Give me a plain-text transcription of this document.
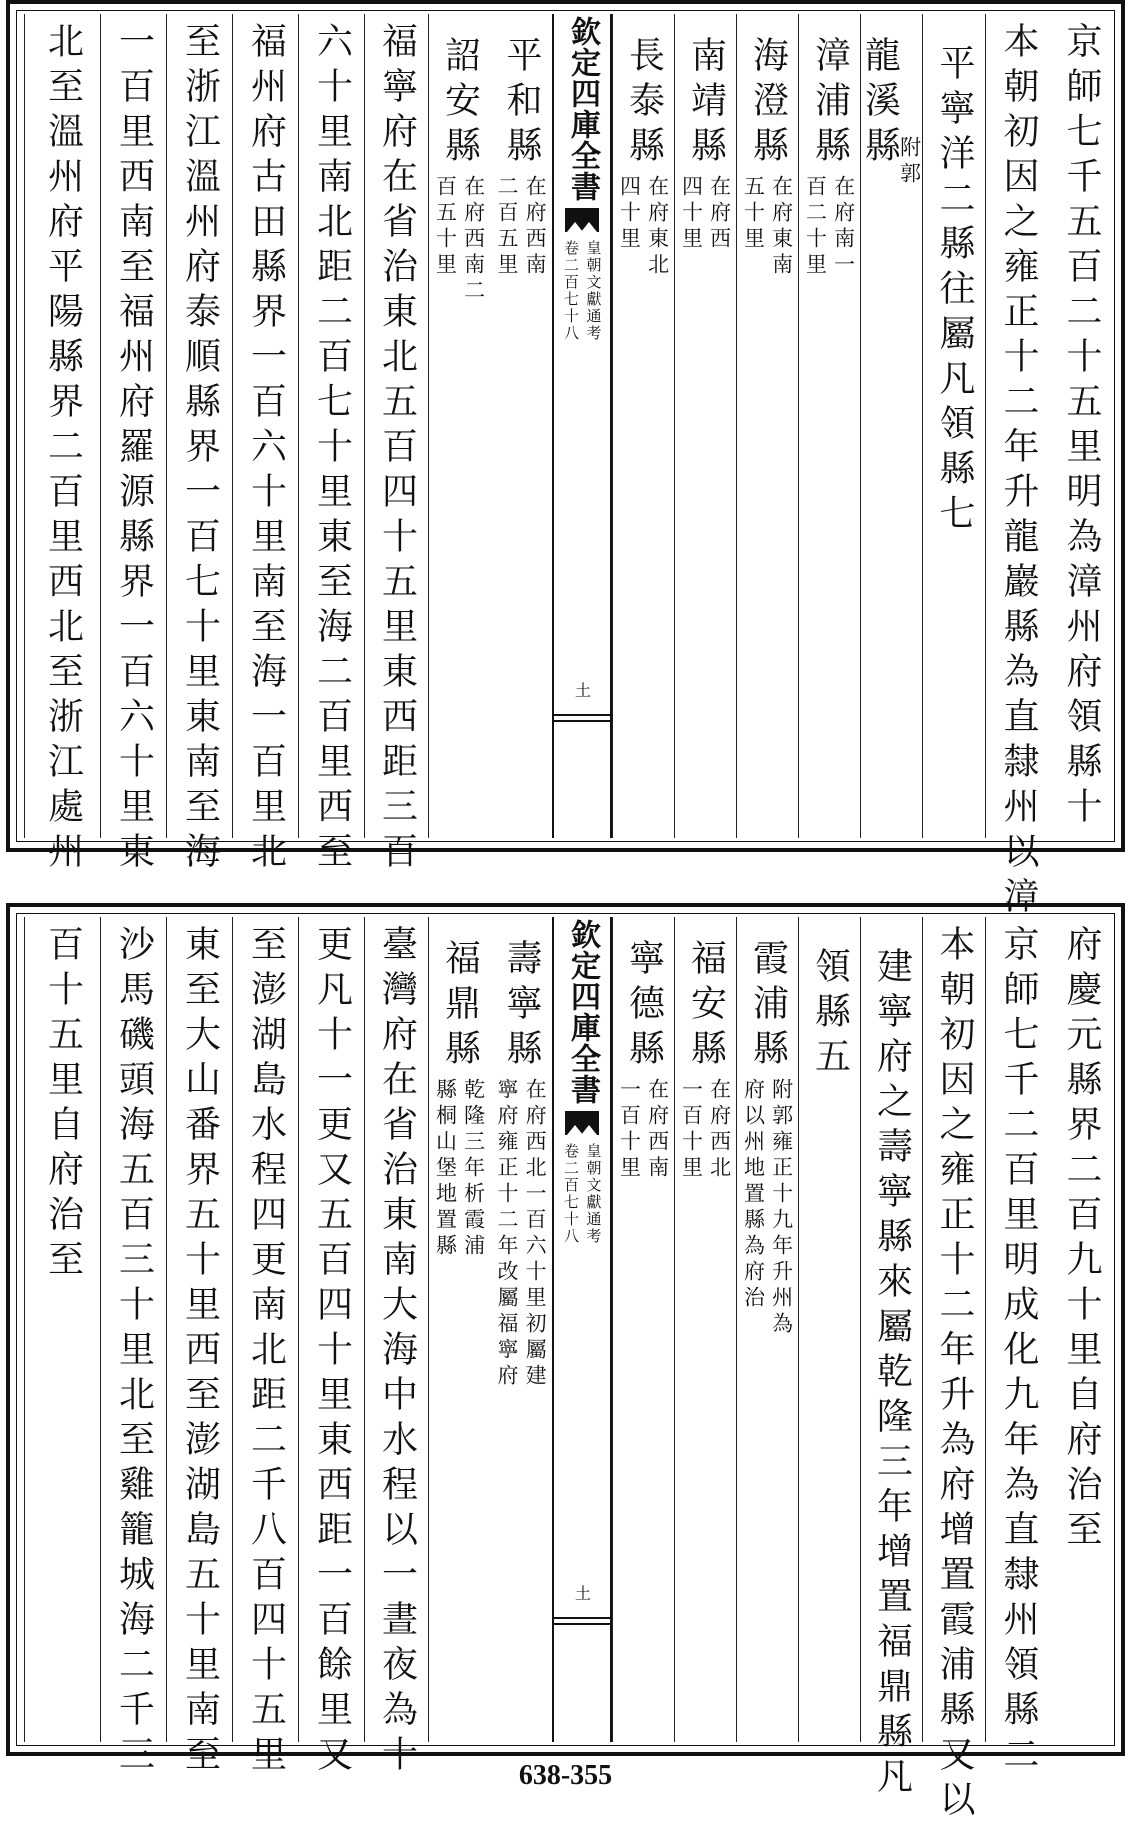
京師七千五百二十五里明為漳州府領縣十
本朝初因之雍正十二年升龍巖縣為直隸州以漳
平寧洋二縣往屬凡領縣七
龍溪縣
附郭
漳浦縣
在府南一
百二十里
海澄縣
在府東南
五十里
南靖縣
在府西
四十里
長泰縣
在府東北
四十里
欽定四庫全書
皇朝文獻通考
卷二百七十八
土
平和縣
在府西南
二百五里
詔安縣
在府西南二
百五十里
福寧府在省治東北五百四十五里東西距三百
六十里南北距二百七十里東至海二百里西至
福州府古田縣界一百六十里南至海一百里北
至浙江溫州府泰順縣界一百七十里東南至海
一百里西南至福州府羅源縣界一百六十里東
北至溫州府平陽縣界二百里西北至浙江處州
府慶元縣界二百九十里自府治至
京師七千二百里明成化九年為直隸州領縣二
本朝初因之雍正十二年升為府增置霞浦縣又以
建寧府之壽寧縣來屬乾隆三年增置福鼎縣凡
領縣五
霞浦縣
附郭雍正十九年升州為
府以州地置縣為府治
福安縣
在府西北
一百十里
寧德縣
在府西南
一百十里
欽定四庫全書
皇朝文獻通考
卷二百七十八
土
壽寧縣
在府西北一百六十里初屬建
寧府雍正十二年改屬福寧府
福鼎縣
乾隆三年析霞浦
縣桐山堡地置縣
臺灣府在省治東南大海中水程以一晝夜為十
更凡十一更又五百四十里東西距一百餘里又
至澎湖島水程四更南北距二千八百四十五里
東至大山番界五十里西至澎湖島五十里南至
沙馬磯頭海五百三十里北至雞籠城海二千三
百十五里自府治至
638-355
